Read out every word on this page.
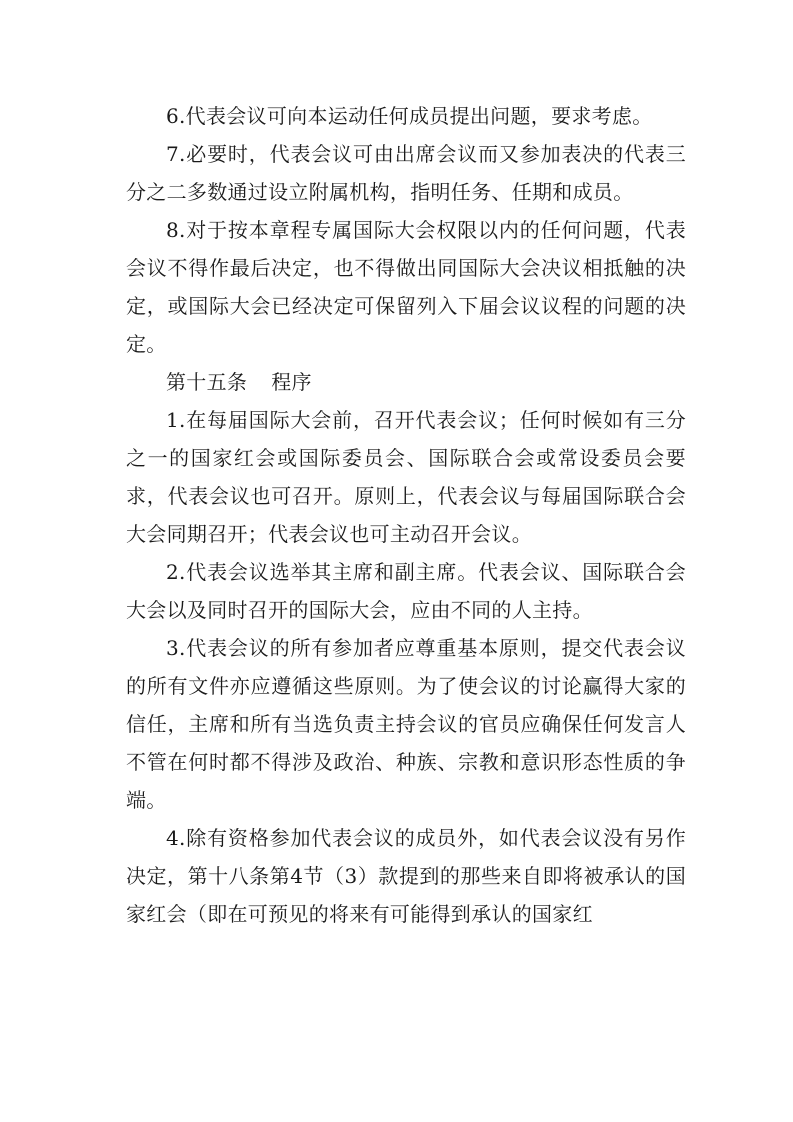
6.代表会议可向本运动任何成员提出问题，要求考虑。

7.必要时，代表会议可由出席会议而又参加表决的代表三分之二多数通过设立附属机构，指明任务、任期和成员。

8.对于按本章程专属国际大会权限以内的任何问题，代表会议不得作最后决定，也不得做出同国际大会决议相抵触的决定，或国际大会已经决定可保留列入下届会议议程的问题的决定。

第十五条 程序

1.在每届国际大会前，召开代表会议；任何时候如有三分之一的国家红会或国际委员会、国际联合会或常设委员会要求，代表会议也可召开。原则上，代表会议与每届国际联合会大会同期召开；代表会议也可主动召开会议。

2.代表会议选举其主席和副主席。代表会议、国际联合会大会以及同时召开的国际大会，应由不同的人主持。

3.代表会议的所有参加者应尊重基本原则，提交代表会议的所有文件亦应遵循这些原则。为了使会议的讨论赢得大家的信任，主席和所有当选负责主持会议的官员应确保任何发言人不管在何时都不得涉及政治、种族、宗教和意识形态性质的争端。

4.除有资格参加代表会议的成员外，如代表会议没有另作决定，第十八条第4节（3）款提到的那些来自即将被承认的国家红会（即在可预见的将来有可能得到承认的国家红
